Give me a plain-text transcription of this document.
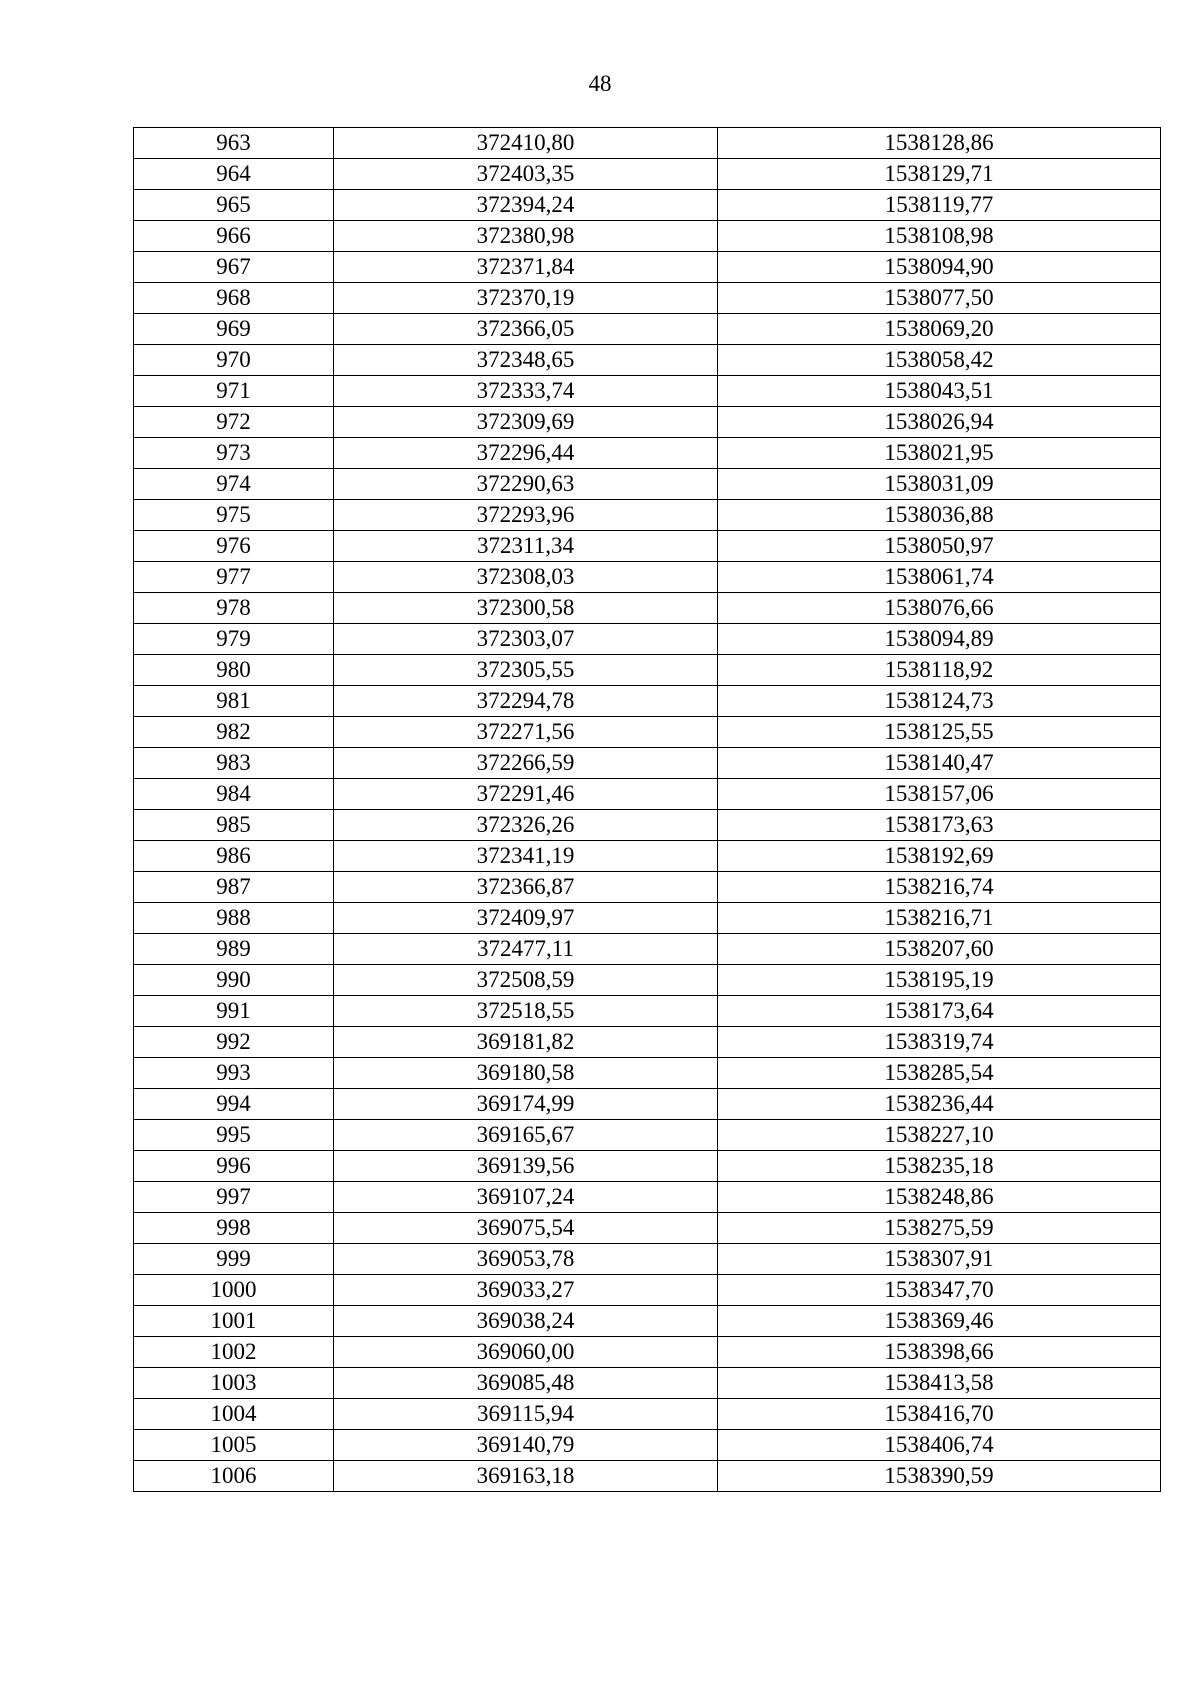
48
963	372410,80	1538128,86
964	372403,35	1538129,71
965	372394,24	1538119,77
966	372380,98	1538108,98
967	372371,84	1538094,90
968	372370,19	1538077,50
969	372366,05	1538069,20
970	372348,65	1538058,42
971	372333,74	1538043,51
972	372309,69	1538026,94
973	372296,44	1538021,95
974	372290,63	1538031,09
975	372293,96	1538036,88
976	372311,34	1538050,97
977	372308,03	1538061,74
978	372300,58	1538076,66
979	372303,07	1538094,89
980	372305,55	1538118,92
981	372294,78	1538124,73
982	372271,56	1538125,55
983	372266,59	1538140,47
984	372291,46	1538157,06
985	372326,26	1538173,63
986	372341,19	1538192,69
987	372366,87	1538216,74
988	372409,97	1538216,71
989	372477,11	1538207,60
990	372508,59	1538195,19
991	372518,55	1538173,64
992	369181,82	1538319,74
993	369180,58	1538285,54
994	369174,99	1538236,44
995	369165,67	1538227,10
996	369139,56	1538235,18
997	369107,24	1538248,86
998	369075,54	1538275,59
999	369053,78	1538307,91
1000	369033,27	1538347,70
1001	369038,24	1538369,46
1002	369060,00	1538398,66
1003	369085,48	1538413,58
1004	369115,94	1538416,70
1005	369140,79	1538406,74
1006	369163,18	1538390,59
